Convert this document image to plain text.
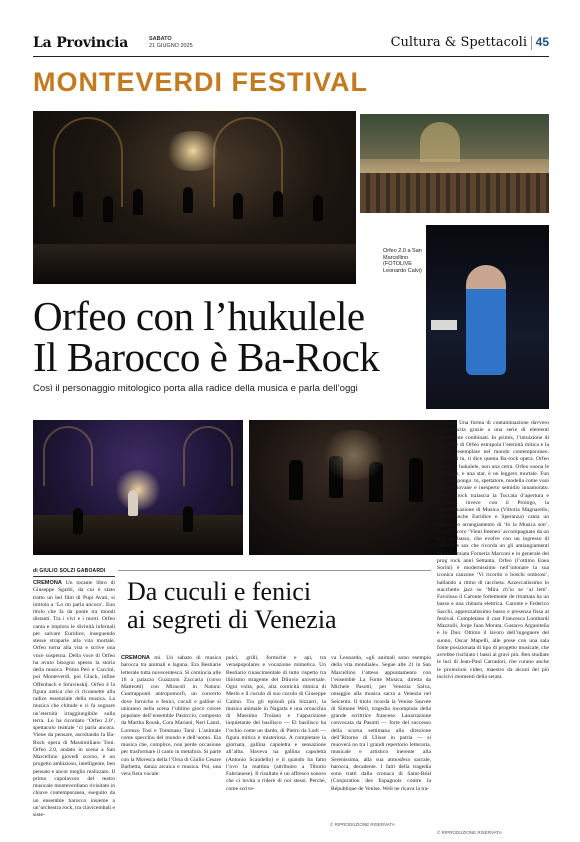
La Provincia	SABATO
21 GIUGNO 2025	Cultura & Spettacoli 45
MONTEVERDI FESTIVAL
Orfeo 2.0 a San Marcellino (FOTOLIVE Leonardo Calvi)
Orfeo con l’hukulele
Il Barocco è Ba-Rock
Così il personaggio mitologico porta alla radice della musica e parla dell’oggi
di GIULIO SOLZI GABOARDI
CREMONA Un tocante libro di Giuseppe Sgarbi, da cui è stato tratto un bel film di Pupi Avati, si intitola a ‘Lo mi parla ancora’. Eun titolo che fa da ponte tra mondi distanti. Tra i vivi e i morti. Orfeo canta e implora le divinità infernali per salvare Euridice, inseguendo stesse straparle alla vita mortale. Orfeo torna alla vita e scrive una voce sosperna. Della voce di Orfeo ha avuto bisogno spesso la storia della musica. Prima Peri e Caccini, poi Monteverdi, poi Gluck, infine Offenbach e Stravinskij. Orfeo è la figura antica che ci riconnette alla radice essenziale della musica. La musica che chitude e ci fa sognare un’eternità irraggiungibile sulla terra. Lo ha ricordato ‘Orfeo 2.0’, spettacolo teatrale ‘ci parla ancora. Viene da pensare, ascoltando la Ba-Rock opera di Massimiliano Toni. Orfeo 2.0, andato in scena a San Marcellino giovedì scorso, è un progetto ambizioso, intelligente, ben pensato e ancor meglio realizzato. Il primo capolavoro del teatro musicale monteverdiano rivisitato in chiave contemporanea, eseguito da un ensemble barocco insieme a un’orchestra rock, tra clavicembali e siste-
Da cuculi e fenici
ai segreti di Venezia
CREMONA mi. Un sabato di musica barocca tra animali e laguna. Era Bestiarie letterale tutta novecentesca. Si comincia alle 18 a palazzo Guazzoni Zaccaria (corso Matteotti) con Miracoli in Natura: Contrappunti antropomorfi, un concerto dove fornicho e fenici, cuculi e galline si uniranno nella scena l’ultimo gioco colore popolare dell’ensemble Pasticcio, composto da Martha Roosk, Cora Mariani, Neri Lanzi, Lorenzo Tosi e Tommaso Tarsi. L’animale come specchio del mondo e dell’uomo. Eia musica che, complice, non perde occasione per trasformare il canto in metafora. Si parte con la Moresca della l’Orsa di Giulio Cesare Barbetta, danza arcaica e musica. Poi, una vera fiera vocale:
pulci, grilli, formiche e api, tra veraspopolares e vocazione mimetica. Un Bestiario rinascimentale di tutto rispetto tra illirismo stragente del Diluvio universale. Ogni volta, poi, alla comicità ritmica di Merlo e il cuculo di suo cuculo di Giuseppe Caimo. Tra gli episodi più bizzarri, la musica animale in Nagarta e una ornacchia di Massimo Troiano e l’apparizione inquietante del basilisco — El basilisco ha l’ochio come un dardo, di Pietro da Lodi — figura mitica e misteriosa. A completare la giornata, gallina capoletta e sensazione all’alba. Haveva na gallina capoletta (Antonio Scandello) e il quando ha fatto l’ovo la mattina (attribuito a Tiburio Fabrianese). Il risultato è un affresco sonoro che ci invita a ridere di noi stessi. Perché, come scrive-
va Leonardo, «gli animali sono esempio della vita mondiale». Segue alle 21 in San Marcellino l’atteso appuntamento con l’ensemble La Fonte Musica, diretta da Michele Pasotti, per Venezia Salva, omaggio alla musica sacra a Venezia nel Seicento. Il titolo ricorda la Venise Sauvée di Simone Weil, tragedia incompiuta della grande scrittrice francese. Lanarrazione convocata da Pasotti — forte del successo della scorsa settimana alla direzione dell’Ritorno di Ulisse in patria — si muoverà no tra i grandi repertorio letteraria, musicale e artistico inerente alla Serenissima, alla sua atmosfera sacrale, barocca, decadente. I fatti della tragedia sono tratti dalla cronaca di Saint-Réal (Conjuration des Espagnols contre la République de Venise. Weil ne ricava la tra-
© RIPRODUZIONE RISERVATA
tizzatori. Una forma di contaminazione davvero ben riuscita grazie a una serie di elementi felicemente combinati. In primis, l’intuizione di Toni, che di Orfeo estrapola l’eternità mitica e la validità esemplare nel mondo contemporaneo. Orfeo sei tu, ti dice questa Ba-rock opera. Orfeo suona un hukulele, non una cetra. Orfeo suona le macchine, e una star, è un leggero mortale. Fun pezzo di pongo: tu, spettatore, modella come vuoi questo giovane e inesperto semidio innamorato. L’opera rock tralascia la Toccata d’apertura e comincia invece con il Prologo, la personificazione di Musica (Vittoria Magnarello, che è anche Euridice e Speranza) canta un bellissimo arrangiamento di ‘Io la Musica son’. Segue il coro ‘Vieni Imeneo’ accompagnato da un solo di basso, che evolve con un ingresso di chitarre e sax che ricorda un gli antiangiamenti della Premiata Forneria Marconi e in generale del prog rock anni Settanta. Orfeo (l’ottimo Enea Sorini) è modernissimo nell’intonare la sua iconica canzone ‘Vi ricordo o boschi ombrosi’, ballando a ritmo di raccheta. Azzeccatissimo lo stacchetto jazz su ‘Mira ch’io se ‘al letti’. Favoloso il Caronte fortemente de ritrattata ha un basso e una chitarra elettrica. Caronte e Federico Sacchi, apprezzatissimo basso e presenza fissa al festival. Completano il cast Francesca Lombardi Mazzulli, Jorge Juan Morata, Gustavo Arganiteña e Jo Duo. Ottimo il lavoro dell’ingegnere del suono, Oscar Mapelli, alle prese con una sala fonte posizionata di tipo di progetto musicale, che avrebbe rischiato i bassi ai gravi più. Ben studiate le luci di Jean-Paul Carradori, che curano anche le proiezioni video, maestro da alcuni dei più incisivi momenti della serata.
© RIPRODUZIONE RISERVATA
